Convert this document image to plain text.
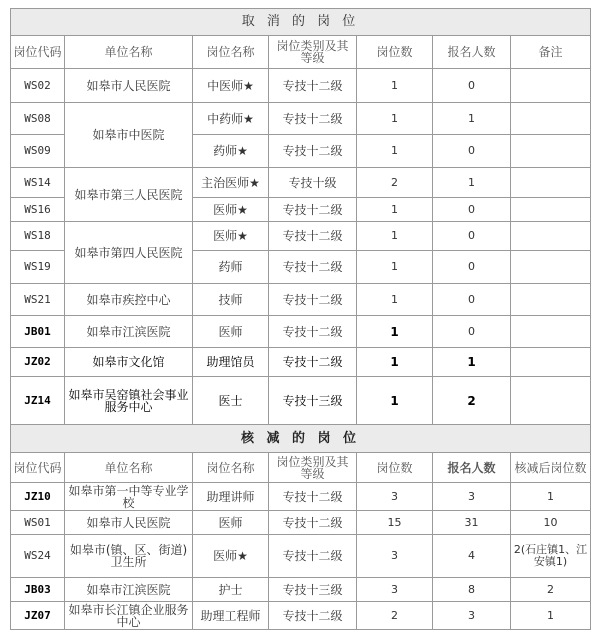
取 消 的 岗 位						
岗位代码	单位名称	岗位名称	岗位类别及其等级	岗位数	报名人数	备注
WS02	如皋市人民医院	中医师★	专技十二级	1	0	
WS08	如皋市中医院	中药师★	专技十二级	1	1	
WS09		药师★	专技十二级	1	0	
WS14	如皋市第三人民医院	主治医师★	专技十级	2	1	
WS16		医师★	专技十二级	1	0	
WS18	如皋市第四人民医院	医师★	专技十二级	1	0	
WS19		药师	专技十二级	1	0	
WS21	如皋市疾控中心	技师	专技十二级	1	0	
JB01	如皋市江滨医院	医师	专技十二级	1	0	
JZ02	如皋市文化馆	助理馆员	专技十二级	1	1	
JZ14	如皋市吴窑镇社会事业服务中心	医士	专技十三级	1	2	
核 减 的 岗 位						
岗位代码	单位名称	岗位名称	岗位类别及其等级	岗位数	报名人数	核减后岗位数
JZ10	如皋市第一中等专业学校	助理讲师	专技十二级	3	3	1
WS01	如皋市人民医院	医师	专技十二级	15	31	10
WS24	如皋市(镇、区、街道)卫生所	医师★	专技十二级	3	4	2(石庄镇1、江安镇1)
JB03	如皋市江滨医院	护士	专技十三级	3	8	2
JZ07	如皋市长江镇企业服务中心	助理工程师	专技十二级	2	3	1
